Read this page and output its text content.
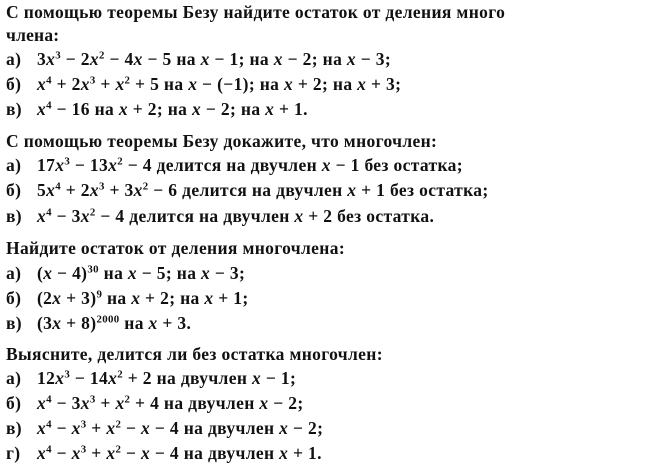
С помощью теоремы Безу найдите остаток от деления много
члена:
а) $3x^3 - 2x^2 - 4x - 5$ на x − 1; на x − 2; на x − 3;
б) $x^4 + 2x^3 + x^2 + 5$ на x − (−1); на x + 2; на x + 3;
в) $x^4 - 16$ на x + 2; на x − 2; на x + 1.
С помощью теоремы Безу докажите, что многочлен:
а) $17x^3 - 13x^2 - 4$ делится на двучлен x − 1 без остатка;
б) $5x^4 + 2x^3 + 3x^2 - 6$ делится на двучлен x + 1 без остатка;
в) $x^4 - 3x^2 - 4$ делится на двучлен x + 2 без остатка.
Найдите остаток от деления многочлена:
а) $(x - 4)^{30}$ на x − 5; на x − 3;
б) $(2x + 3)^9$ на x + 2; на x + 1;
в) $(3x + 8)^{2000}$ на x + 3.
Выясните, делится ли без остатка многочлен:
а) $12x^3 - 14x^2 + 2$ на двучлен x − 1;
б) $x^4 - 3x^3 + x^2 + 4$ на двучлен x − 2;
в) $x^4 - x^3 + x^2 - x - 4$ на двучлен x − 2;
г) $x^4 - x^3 + x^2 - x - 4$ на двучлен x + 1.
